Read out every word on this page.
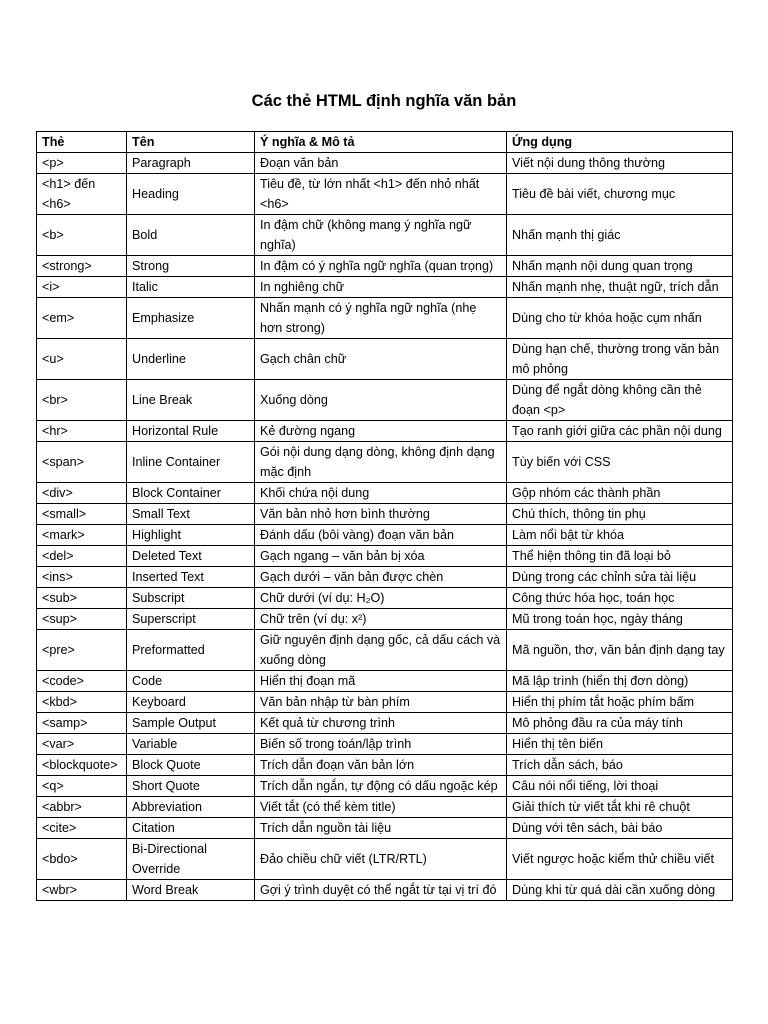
Các thẻ HTML định nghĩa văn bản
Thẻ	Tên	Ý nghĩa & Mô tả	Ứng dụng
<p>	Paragraph	Đoạn văn bản	Viết nội dung thông thường
<h1> đến <h6>	Heading	Tiêu đề, từ lớn nhất <h1> đến nhỏ nhất <h6>	Tiêu đề bài viết, chương mục
<b>	Bold	In đậm chữ (không mang ý nghĩa ngữ nghĩa)	Nhấn mạnh thị giác
<strong>	Strong	In đậm có ý nghĩa ngữ nghĩa (quan trọng)	Nhấn mạnh nội dung quan trọng
<i>	Italic	In nghiêng chữ	Nhấn mạnh nhẹ, thuật ngữ, trích dẫn
<em>	Emphasize	Nhấn mạnh có ý nghĩa ngữ nghĩa (nhẹ hơn strong)	Dùng cho từ khóa hoặc cụm nhấn
<u>	Underline	Gạch chân chữ	Dùng hạn chế, thường trong văn bản mô phỏng
<br>	Line Break	Xuống dòng	Dùng để ngắt dòng không cần thẻ đoạn <p>
<hr>	Horizontal Rule	Kẻ đường ngang	Tạo ranh giới giữa các phần nội dung
<span>	Inline Container	Gói nội dung dạng dòng, không định dạng mặc định	Tùy biến với CSS
<div>	Block Container	Khối chứa nội dung	Gộp nhóm các thành phần
<small>	Small Text	Văn bản nhỏ hơn bình thường	Chú thích, thông tin phụ
<mark>	Highlight	Đánh dấu (bôi vàng) đoạn văn bản	Làm nổi bật từ khóa
<del>	Deleted Text	Gạch ngang – văn bản bị xóa	Thể hiện thông tin đã loại bỏ
<ins>	Inserted Text	Gạch dưới – văn bản được chèn	Dùng trong các chỉnh sửa tài liệu
<sub>	Subscript	Chữ dưới (ví dụ: H₂O)	Công thức hóa học, toán học
<sup>	Superscript	Chữ trên (ví dụ: x²)	Mũ trong toán học, ngày tháng
<pre>	Preformatted	Giữ nguyên định dạng gốc, cả dấu cách và xuống dòng	Mã nguồn, thơ, văn bản định dạng tay
<code>	Code	Hiển thị đoạn mã	Mã lập trình (hiển thị đơn dòng)
<kbd>	Keyboard	Văn bản nhập từ bàn phím	Hiển thị phím tắt hoặc phím bấm
<samp>	Sample Output	Kết quả từ chương trình	Mô phỏng đầu ra của máy tính
<var>	Variable	Biến số trong toán/lập trình	Hiển thị tên biến
<blockquote>	Block Quote	Trích dẫn đoạn văn bản lớn	Trích dẫn sách, báo
<q>	Short Quote	Trích dẫn ngắn, tự động có dấu ngoặc kép	Câu nói nổi tiếng, lời thoại
<abbr>	Abbreviation	Viết tắt (có thể kèm title)	Giải thích từ viết tắt khi rê chuột
<cite>	Citation	Trích dẫn nguồn tài liệu	Dùng với tên sách, bài báo
<bdo>	Bi-Directional Override	Đảo chiều chữ viết (LTR/RTL)	Viết ngược hoặc kiểm thử chiều viết
<wbr>	Word Break	Gợi ý trình duyệt có thể ngắt từ tại vị trí đó	Dùng khi từ quá dài cần xuống dòng
